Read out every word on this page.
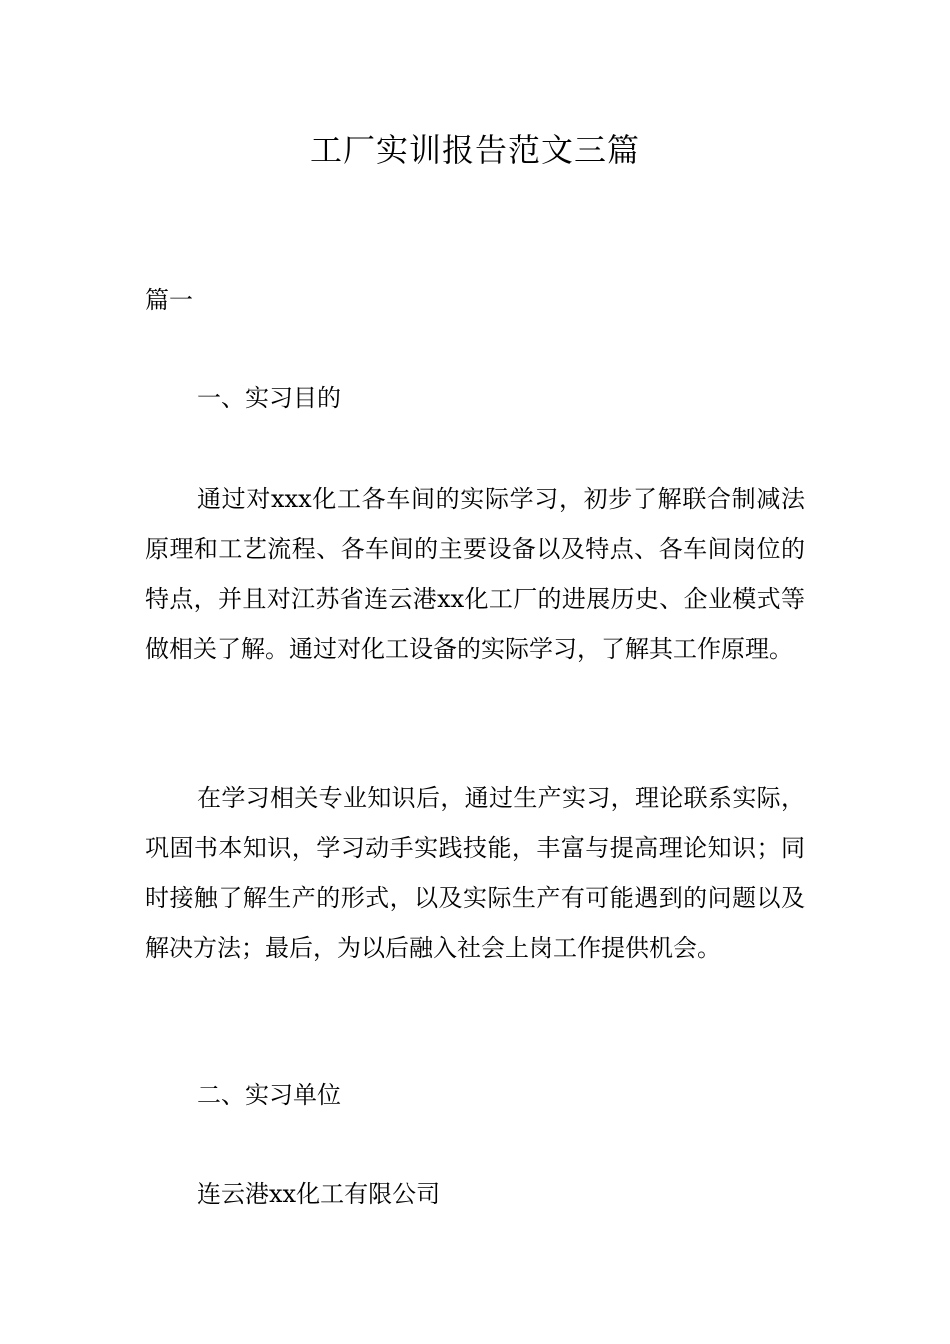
工厂实训报告范文三篇

篇一

一、实习目的

通过对xxx化工各车间的实际学习，初步了解联合制减法原理和工艺流程、各车间的主要设备以及特点、各车间岗位的特点，并且对江苏省连云港xx化工厂的进展历史、企业模式等做相关了解。通过对化工设备的实际学习，了解其工作原理。

在学习相关专业知识后，通过生产实习，理论联系实际，巩固书本知识，学习动手实践技能，丰富与提高理论知识；同时接触了解生产的形式，以及实际生产有可能遇到的问题以及解决方法；最后，为以后融入社会上岗工作提供机会。

二、实习单位

连云港xx化工有限公司
